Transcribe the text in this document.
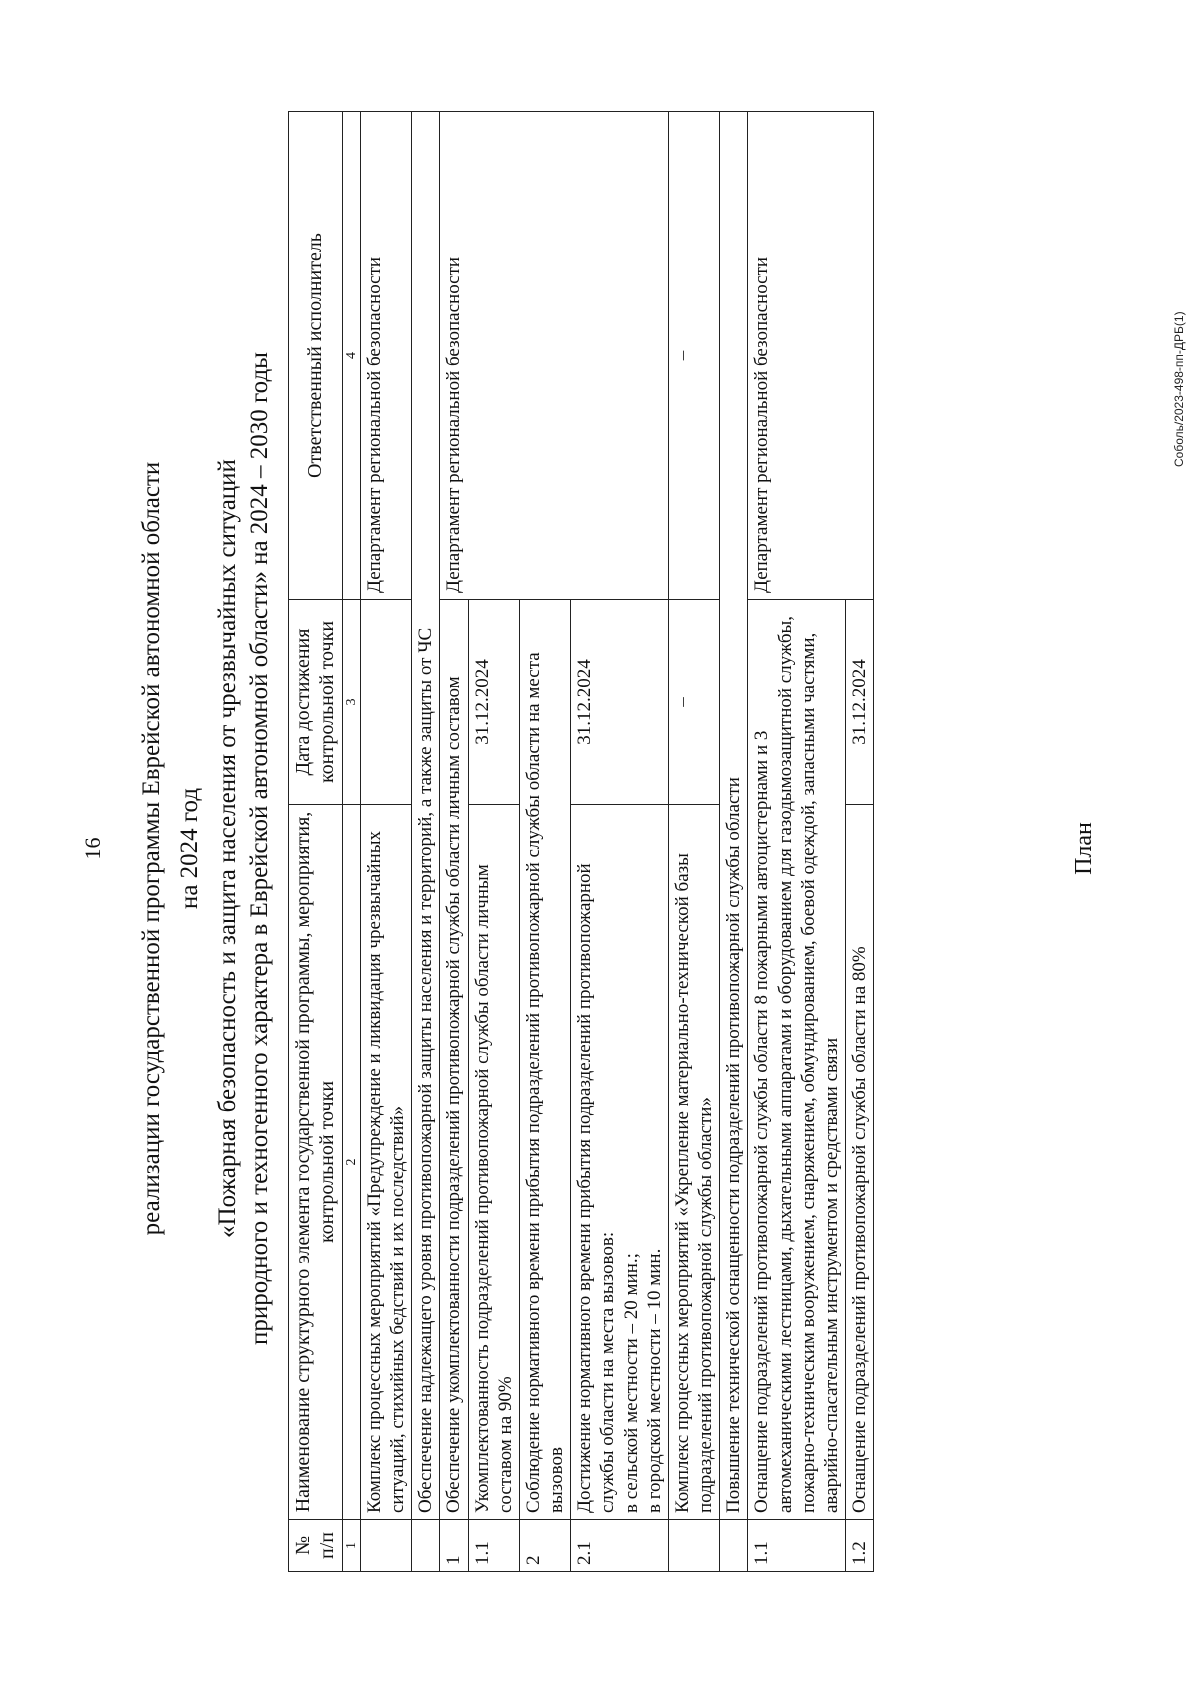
16 реализации государственной программы Еврейской автономной области на 2024 год «Пожарная безопасность и защита населения от чрезвычайных ситуаций природного и техногенного характера в Еврейской автономной области» на 2024 – 2030 годы
№ п/п	Наименование структурного элемента государственной программы, мероприятия, контрольной точки	Дата достижения контрольной точки	Ответственный исполнитель
1	2	3	4
	Комплекс процессных мероприятий «Предупреждение и ликвидация чрезвычайных ситуаций, стихийных бедствий и их последствий»		Департамент региональной безопасности
	Обеспечение надлежащего уровня противопожарной защиты населения и территорий, а также защиты от ЧС		
1	Обеспечение укомплектованности подразделений противопожарной службы области личным составом		Департамент региональной безопасности
1.1	Укомплектованность подразделений противопожарной службы области личным составом на 90%	31.12.2024	
2	Соблюдение нормативного времени прибытия подразделений противопожарной службы области на места вызовов		
2.1	Достижение нормативного времени прибытия подразделений противопожарной службы области на места вызовов: в сельской местности – 20 мин.; в городской местности – 10 мин.	31.12.2024	
	Комплекс процессных мероприятий «Укрепление материально-технической базы подразделений противопожарной службы области»	–	–
	Повышение технической оснащенности подразделений противопожарной службы области		
1.1	Оснащение подразделений противопожарной службы области 8 пожарными автоцистернами и 3 автомеханическими лестницами, дыхательными аппаратами и оборудованием для газодымозащитной службы, пожарно-техническим вооружением, снаряжением, обмундированием, боевой одеждой, запасными частями, аварийно-спасательным инструментом и средствами связи		Департамент региональной безопасности
1.2	Оснащение подразделений противопожарной службы области на 80%	31.12.2024	
План
Соболь/2023-498-пп-ДРБ(1)
